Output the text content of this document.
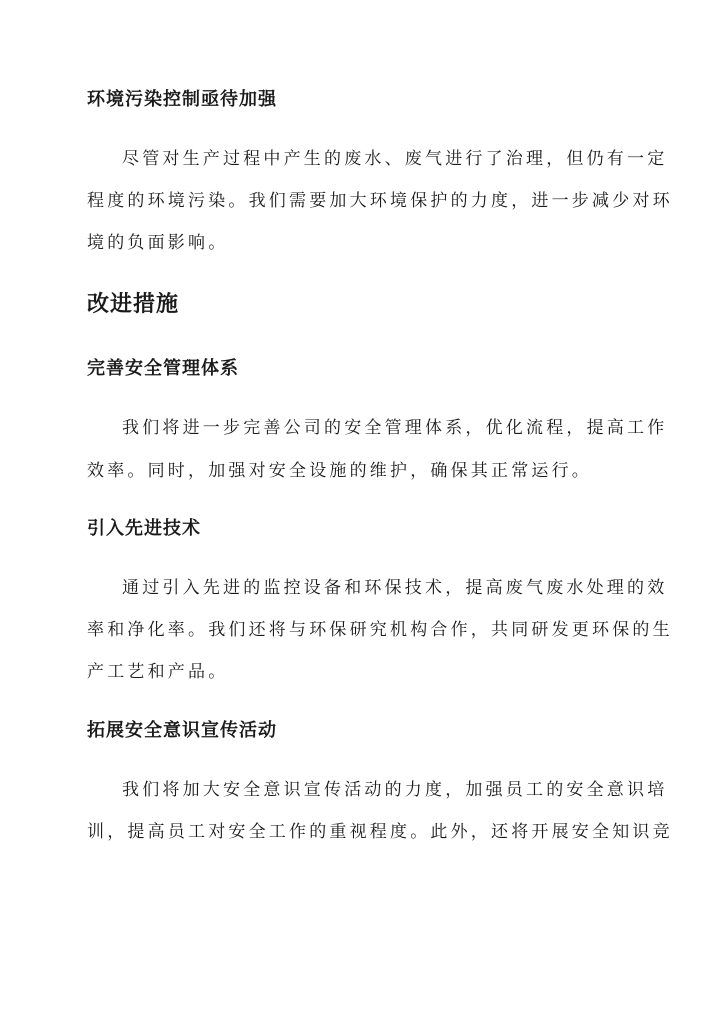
环境污染控制亟待加强
尽管对生产过程中产生的废水、废气进行了治理，但仍有一定
程度的环境污染。我们需要加大环境保护的力度，进一步减少对环
境的负面影响。
改进措施
完善安全管理体系
我们将进一步完善公司的安全管理体系，优化流程，提高工作
效率。同时，加强对安全设施的维护，确保其正常运行。
引入先进技术
通过引入先进的监控设备和环保技术，提高废气废水处理的效
率和净化率。我们还将与环保研究机构合作，共同研发更环保的生
产工艺和产品。
拓展安全意识宣传活动
我们将加大安全意识宣传活动的力度，加强员工的安全意识培
训，提高员工对安全工作的重视程度。此外，还将开展安全知识竞
